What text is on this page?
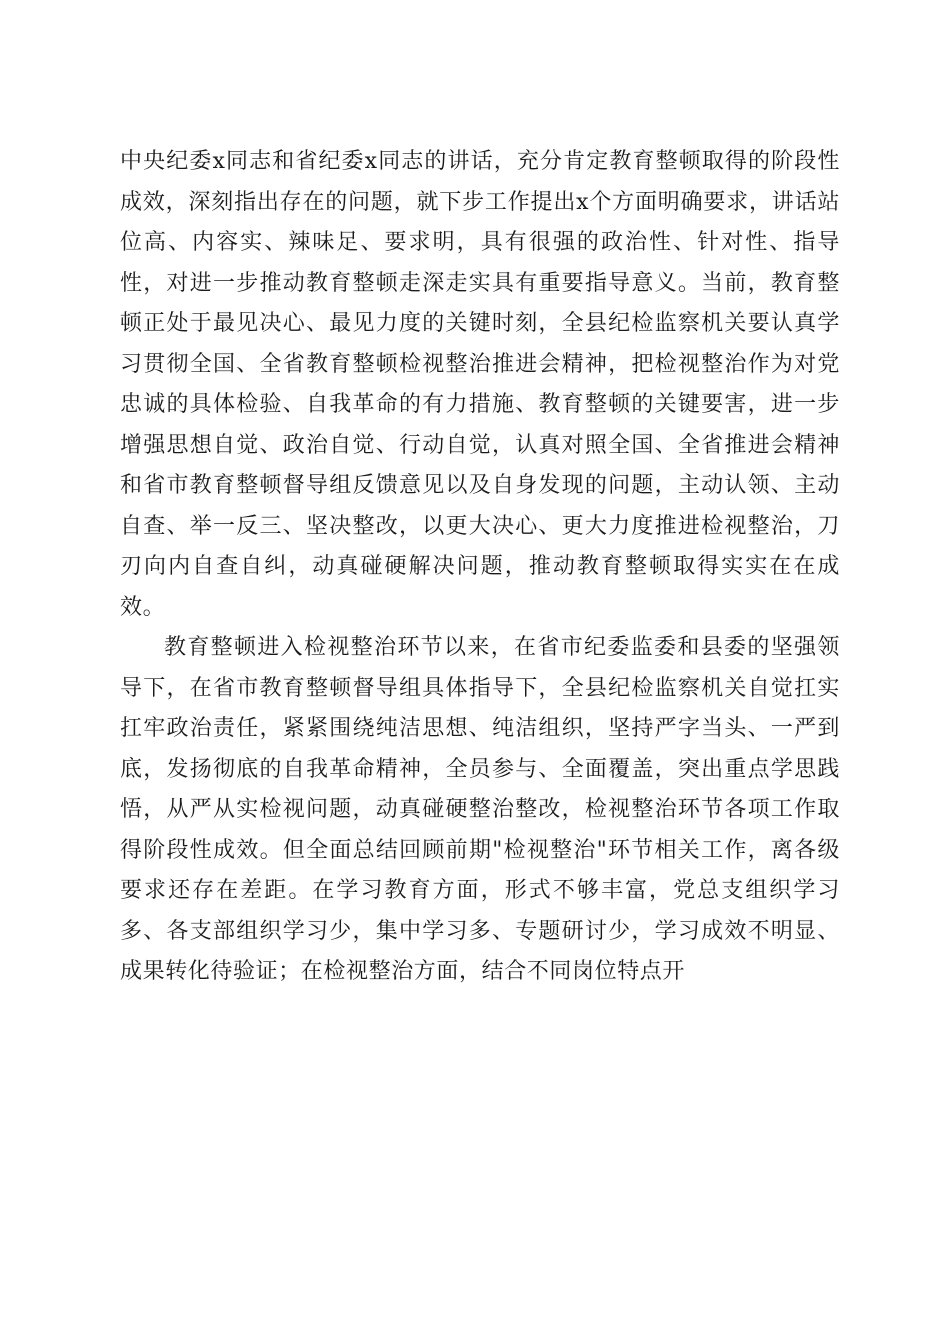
中央纪委x同志和省纪委x同志的讲话，充分肯定教育整顿取得的阶段性成效，深刻指出存在的问题，就下步工作提出x个方面明确要求，讲话站位高、内容实、辣味足、要求明，具有很强的政治性、针对性、指导性，对进一步推动教育整顿走深走实具有重要指导意义。当前，教育整顿正处于最见决心、最见力度的关键时刻，全县纪检监察机关要认真学习贯彻全国、全省教育整顿检视整治推进会精神，把检视整治作为对党忠诚的具体检验、自我革命的有力措施、教育整顿的关键要害，进一步增强思想自觉、政治自觉、行动自觉，认真对照全国、全省推进会精神和省市教育整顿督导组反馈意见以及自身发现的问题，主动认领、主动自查、举一反三、坚决整改，以更大决心、更大力度推进检视整治，刀刃向内自查自纠，动真碰硬解决问题，推动教育整顿取得实实在在成效。

教育整顿进入检视整治环节以来，在省市纪委监委和县委的坚强领导下，在省市教育整顿督导组具体指导下，全县纪检监察机关自觉扛实扛牢政治责任，紧紧围绕纯洁思想、纯洁组织，坚持严字当头、一严到底，发扬彻底的自我革命精神，全员参与、全面覆盖，突出重点学思践悟，从严从实检视问题，动真碰硬整治整改，检视整治环节各项工作取得阶段性成效。但全面总结回顾前期"检视整治"环节相关工作，离各级要求还存在差距。在学习教育方面，形式不够丰富，党总支组织学习多、各支部组织学习少，集中学习多、专题研讨少，学习成效不明显、成果转化待验证；在检视整治方面，结合不同岗位特点开
